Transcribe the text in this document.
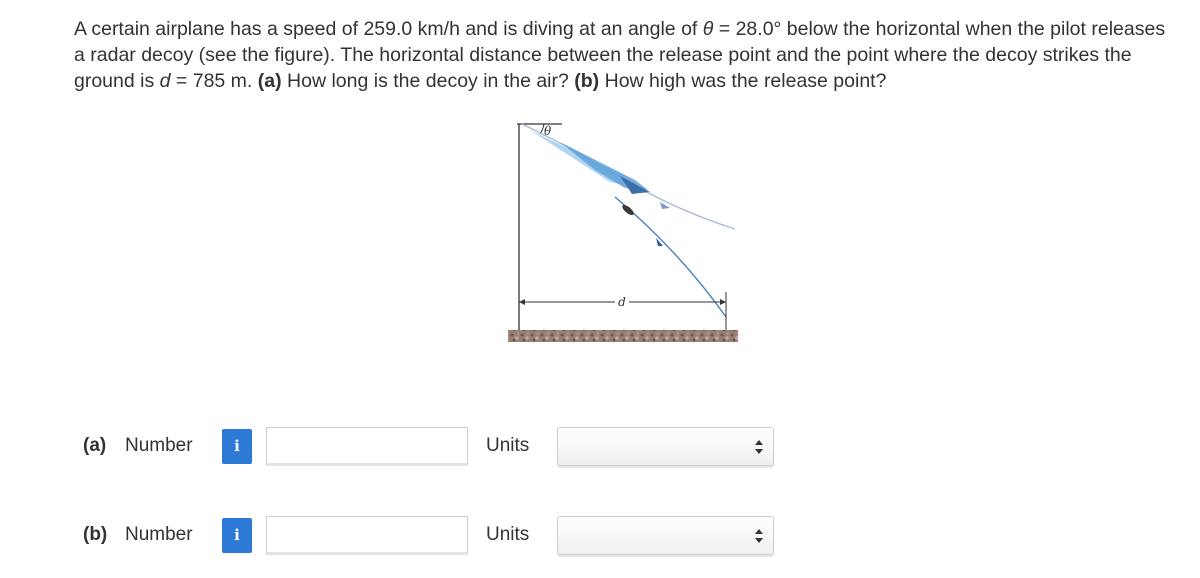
A certain airplane has a speed of 259.0 km/h and is diving at an angle of θ = 28.0° below the horizontal when the pilot releases a radar decoy (see the figure). The horizontal distance between the release point and the point where the decoy strikes the ground is d = 785 m. (a) How long is the decoy in the air? (b) How high was the release point?

d
θ
(a) Number	i	Units
(b) Number	i	Units
